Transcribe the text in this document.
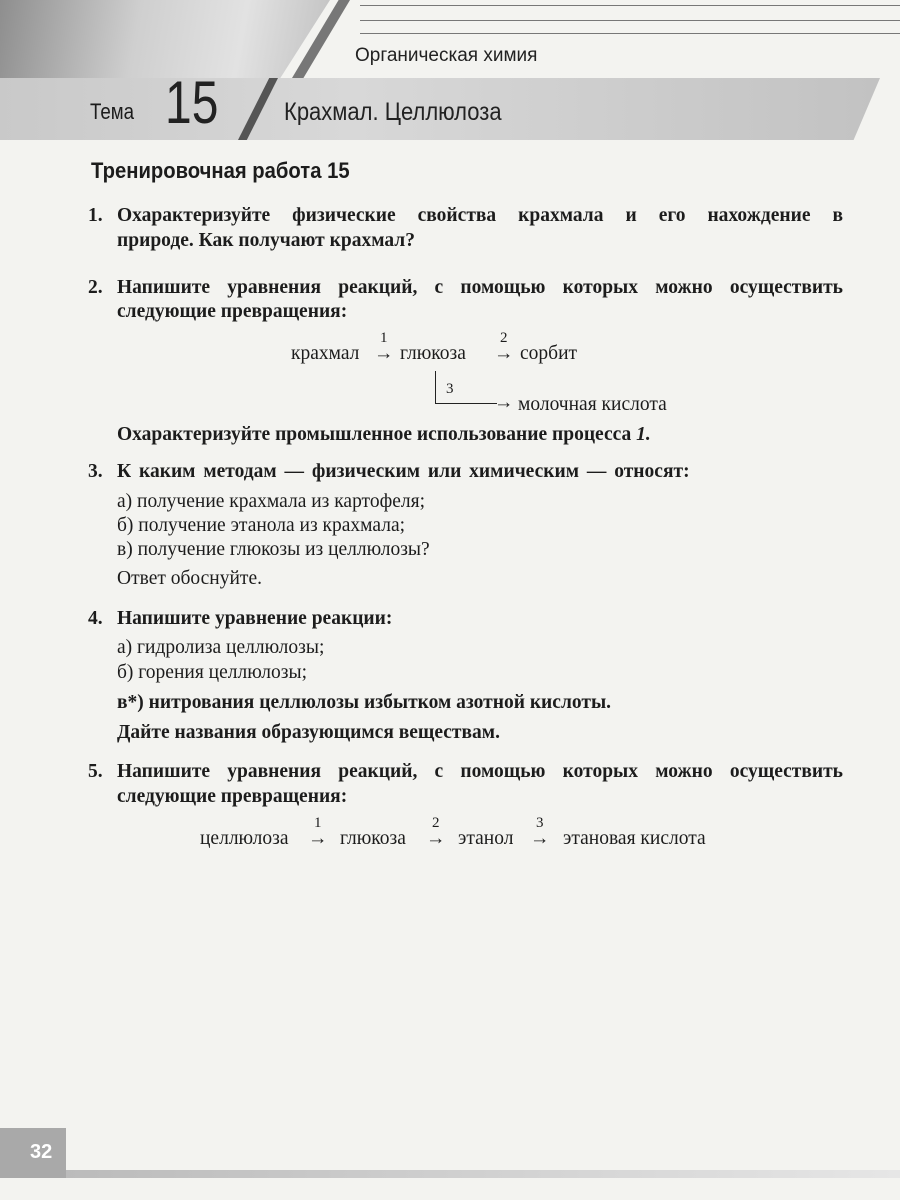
Органическая химия
Тема 15	Крахмал. Целлюлоза
Тренировочная работа 15
1. Охарактеризуйте физические свойства крахмала и его нахождение в
природе. Как получают крахмал?
2. Напишите уравнения реакций, с помощью которых можно осуществить
следующие превращения:
крахмал
1
→ глюкоза
2
→ сорбит
→
3
молочная кислота
Охарактеризуйте промышленное использование процесса 1.
3. К каким методам — физическим или химическим — относят:
а) получение крахмала из картофеля;
б) получение этанола из крахмала;
в) получение глюкозы из целлюлозы?
Ответ обоснуйте.
4. Напишите уравнение реакции:
а) гидролиза целлюлозы;
б) горения целлюлозы;
в*) нитрования целлюлозы избытком азотной кислоты.
Дайте названия образующимся веществам.
5. Напишите уравнения реакций, с помощью которых можно осуществить
следующие превращения:
целлюлоза
1
→ глюкоза
2
→ этанол
3
→ этановая кислота
32
